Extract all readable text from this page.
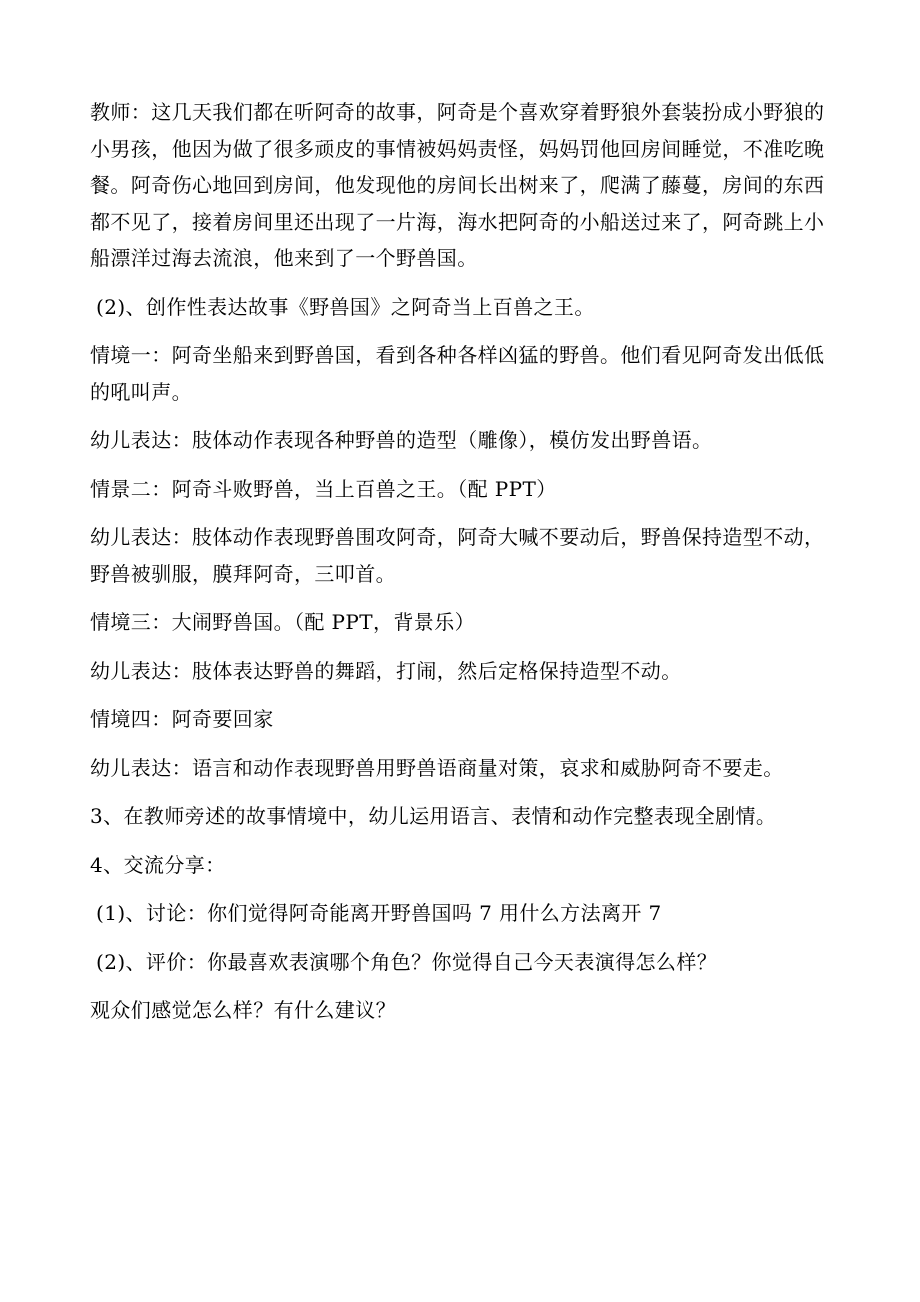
教师：这几天我们都在听阿奇的故事，阿奇是个喜欢穿着野狼外套装扮成小野狼的小男孩，他因为做了很多顽皮的事情被妈妈责怪，妈妈罚他回房间睡觉，不准吃晚餐。阿奇伤心地回到房间，他发现他的房间长出树来了，爬满了藤蔓，房间的东西都不见了，接着房间里还出现了一片海，海水把阿奇的小船送过来了，阿奇跳上小船漂洋过海去流浪，他来到了一个野兽国。

(2)、创作性表达故事《野兽国》之阿奇当上百兽之王。

情境一：阿奇坐船来到野兽国，看到各种各样凶猛的野兽。他们看见阿奇发出低低的吼叫声。

幼儿表达：肢体动作表现各种野兽的造型（雕像），模仿发出野兽语。

情景二：阿奇斗败野兽，当上百兽之王。（配 PPT）

幼儿表达：肢体动作表现野兽围攻阿奇，阿奇大喊不要动后，野兽保持造型不动，野兽被驯服，膜拜阿奇，三叩首。

情境三：大闹野兽国。（配 PPT，背景乐）

幼儿表达：肢体表达野兽的舞蹈，打闹，然后定格保持造型不动。

情境四：阿奇要回家

幼儿表达：语言和动作表现野兽用野兽语商量对策，哀求和威胁阿奇不要走。

3、在教师旁述的故事情境中，幼儿运用语言、表情和动作完整表现全剧情。

4、交流分享：

(1)、讨论：你们觉得阿奇能离开野兽国吗 7 用什么方法离开 7

(2)、评价：你最喜欢表演哪个角色？你觉得自己今天表演得怎么样？

观众们感觉怎么样？有什么建议？
